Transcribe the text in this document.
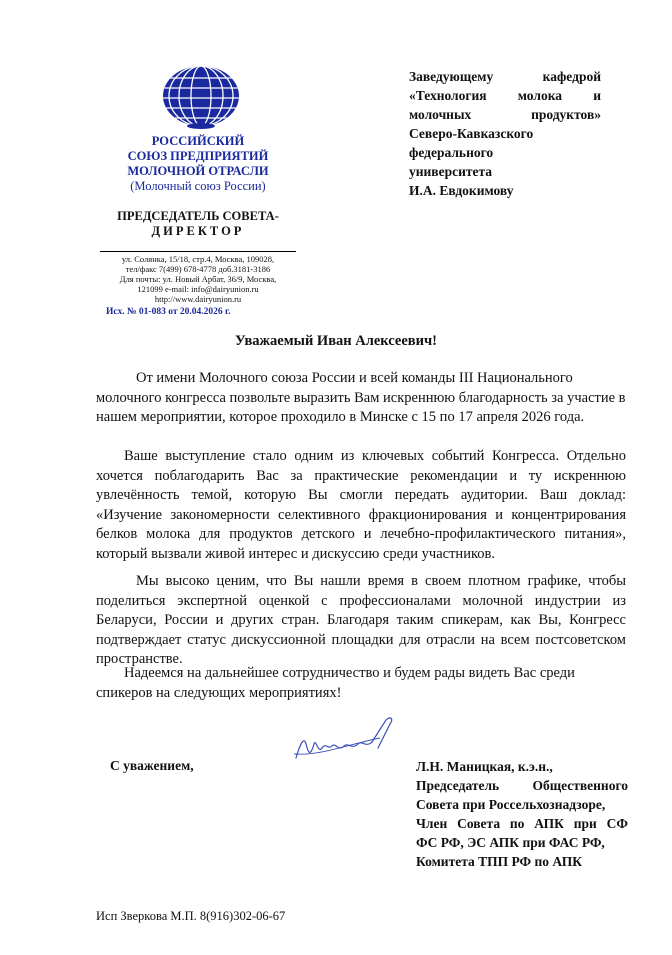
РОССИЙСКИЙ
СОЮЗ ПРЕДПРИЯТИЙ
МОЛОЧНОЙ ОТРАСЛИ
(Молочный союз России)
ПРЕДСЕДАТЕЛЬ СОВЕТА-
ДИРЕКТОР
ул. Солянка, 15/18, стр.4, Москва, 109028,
тел/факс 7(499) 678-4778 доб.3181-3186
Для почты: ул. Новый Арбат, 36/9, Москва,
121099 e-mail: info@dairyunion.ru
http://www.dairyunion.ru
Исх. № 01-083 от 20.04.2026 г.
Заведующему кафедрой
«Технология молока и
молочных продуктов»
Северо-Кавказского
федерального
университета
И.А. Евдокимову
Уважаемый Иван Алексеевич!
От имени Молочного союза России и всей команды III Национального молочного конгресса позвольте выразить Вам искреннюю благодарность за участие в нашем мероприятии, которое проходило в Минске с 15 по 17 апреля 2026 года.
Ваше выступление стало одним из ключевых событий Конгресса. Отдельно хочется поблагодарить Вас за практические рекомендации и ту искреннюю увлечённость темой, которую Вы смогли передать аудитории. Ваш доклад: «Изучение закономерности селективного фракционирования и концентрирования белков молока для продуктов детского и лечебно-профилактического питания», который вызвали живой интерес и дискуссию среди участников.
Мы высоко ценим, что Вы нашли время в своем плотном графике, чтобы поделиться экспертной оценкой с профессионалами молочной индустрии из Беларуси, России и других стран. Благодаря таким спикерам, как Вы, Конгресс подтверждает статус дискуссионной площадки для отрасли на всем постсоветском пространстве.
Надеемся на дальнейшее сотрудничество и будем рады видеть Вас среди спикеров на следующих мероприятиях!
С уважением,	Л.Н. Маницкая, к.э.н.,
Председатель Общественного
Совета при Россельхознадзоре,
Член Совета по АПК при СФ
ФС РФ, ЭС АПК при ФАС РФ,
Комитета ТПП РФ по АПК
Исп Зверкова М.П. 8(916)302-06-67
